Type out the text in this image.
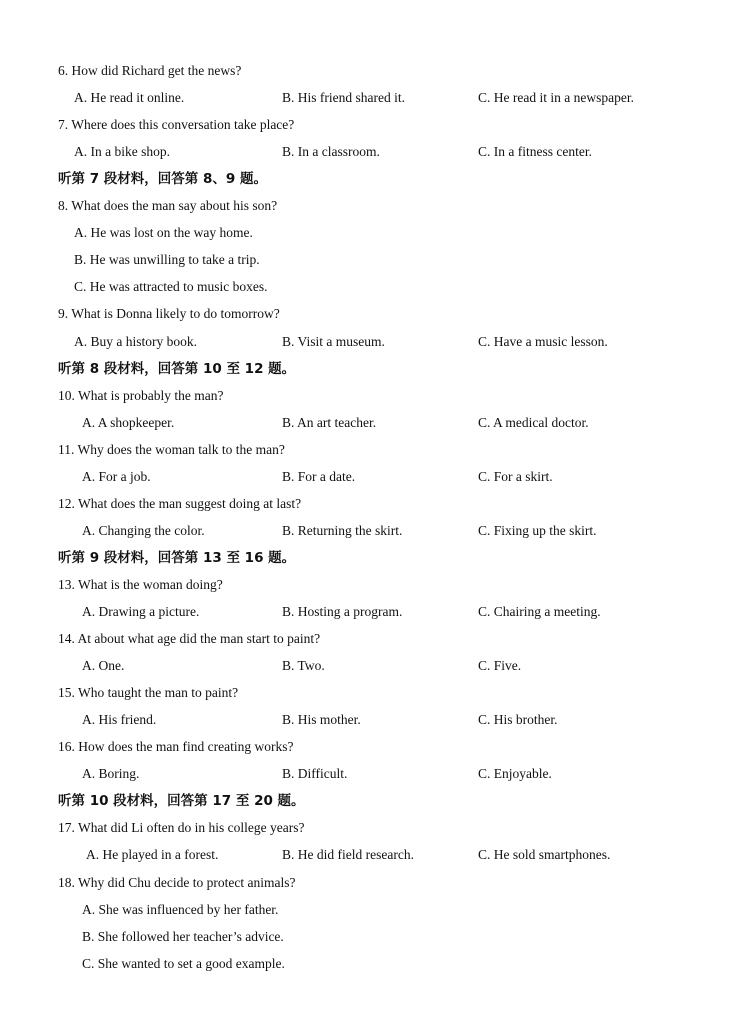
6. How did Richard get the news?
A. He read it online.	B. His friend shared it.	C. He read it in a newspaper.
7. Where does this conversation take place?
A. In a bike shop.	B. In a classroom.	C. In a fitness center.
听第 7 段材料，回答第 8、9 题。
8. What does the man say about his son?
A. He was lost on the way home.
B. He was unwilling to take a trip.
C. He was attracted to music boxes.
9. What is Donna likely to do tomorrow?
A. Buy a history book.	B. Visit a museum.	C. Have a music lesson.
听第 8 段材料，回答第 10 至 12 题。
10. What is probably the man?
A. A shopkeeper.	B. An art teacher.	C. A medical doctor.
11. Why does the woman talk to the man?
A. For a job.	B. For a date.	C. For a skirt.
12. What does the man suggest doing at last?
A. Changing the color.	B. Returning the skirt.	C. Fixing up the skirt.
听第 9 段材料，回答第 13 至 16 题。
13. What is the woman doing?
A. Drawing a picture.	B. Hosting a program.	C. Chairing a meeting.
14. At about what age did the man start to paint?
A. One.	B. Two.	C. Five.
15. Who taught the man to paint?
A. His friend.	B. His mother.	C. His brother.
16. How does the man find creating works?
A. Boring.	B. Difficult.	C. Enjoyable.
听第 10 段材料，回答第 17 至 20 题。
17. What did Li often do in his college years?
A. He played in a forest.	B. He did field research.	C. He sold smartphones.
18. Why did Chu decide to protect animals?
A. She was influenced by her father.
B. She followed her teacher’s advice.
C. She wanted to set a good example.
